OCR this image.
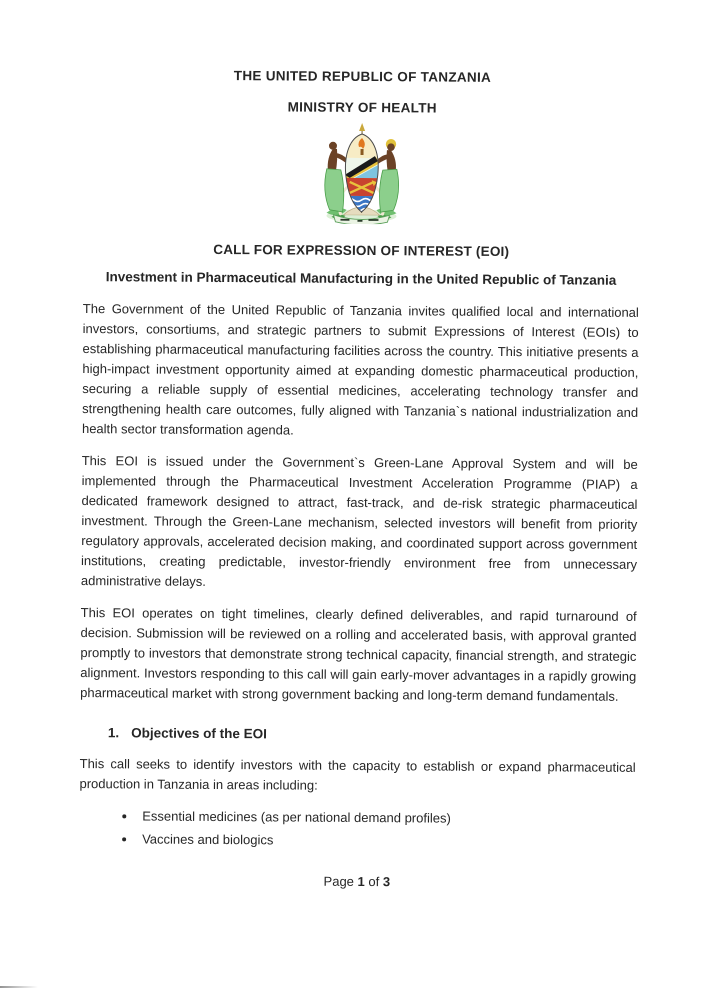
THE UNITED REPUBLIC OF TANZANIA
MINISTRY OF HEALTH
CALL FOR EXPRESSION OF INTEREST (EOI)
Investment in Pharmaceutical Manufacturing in the United Republic of Tanzania

The Government of the United Republic of Tanzania invites qualified local and international investors, consortiums, and strategic partners to submit Expressions of Interest (EOIs) to establishing pharmaceutical manufacturing facilities across the country. This initiative presents a high-impact investment opportunity aimed at expanding domestic pharmaceutical production, securing a reliable supply of essential medicines, accelerating technology transfer and strengthening health care outcomes, fully aligned with Tanzania`s national industrialization and health sector transformation agenda.

This EOI is issued under the Government`s Green-Lane Approval System and will be implemented through the Pharmaceutical Investment Acceleration Programme (PIAP) a dedicated framework designed to attract, fast-track, and de-risk strategic pharmaceutical investment. Through the Green-Lane mechanism, selected investors will benefit from priority regulatory approvals, accelerated decision making, and coordinated support across government institutions, creating predictable, investor-friendly environment free from unnecessary administrative delays.

This EOI operates on tight timelines, clearly defined deliverables, and rapid turnaround of decision. Submission will be reviewed on a rolling and accelerated basis, with approval granted promptly to investors that demonstrate strong technical capacity, financial strength, and strategic alignment. Investors responding to this call will gain early-mover advantages in a rapidly growing pharmaceutical market with strong government backing and long-term demand fundamentals.

1. Objectives of the EOI

This call seeks to identify investors with the capacity to establish or expand pharmaceutical production in Tanzania in areas including:

• Essential medicines (as per national demand profiles)
• Vaccines and biologics
Page 1 of 3
